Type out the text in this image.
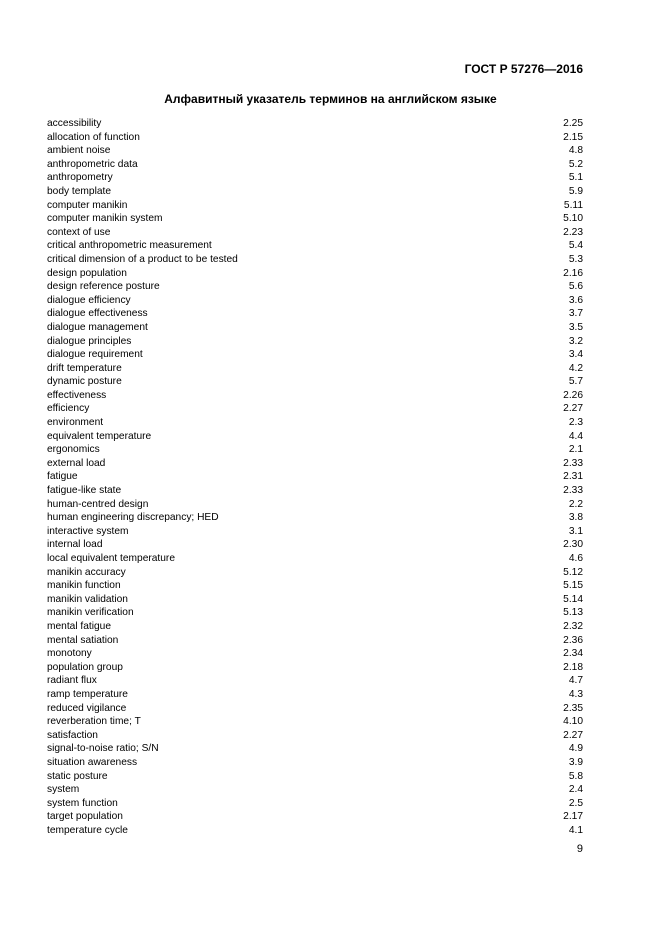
ГОСТ Р 57276—2016
Алфавитный указатель терминов на английском языке
accessibility	2.25
allocation of function	2.15
ambient noise	4.8
anthropometric data	5.2
anthropometry	5.1
body template	5.9
computer manikin	5.11
computer manikin system	5.10
context of use	2.23
critical anthropometric measurement	5.4
critical dimension of a product to be tested	5.3
design population	2.16
design reference posture	5.6
dialogue efficiency	3.6
dialogue effectiveness	3.7
dialogue management	3.5
dialogue principles	3.2
dialogue requirement	3.4
drift temperature	4.2
dynamic posture	5.7
effectiveness	2.26
efficiency	2.27
environment	2.3
equivalent temperature	4.4
ergonomics	2.1
external load	2.33
fatigue	2.31
fatigue-like state	2.33
human-centred design	2.2
human engineering discrepancy; HED	3.8
interactive system	3.1
internal load	2.30
local equivalent temperature	4.6
manikin accuracy	5.12
manikin function	5.15
manikin validation	5.14
manikin verification	5.13
mental fatigue	2.32
mental satiation	2.36
monotony	2.34
population group	2.18
radiant flux	4.7
ramp temperature	4.3
reduced vigilance	2.35
reverberation time; T	4.10
satisfaction	2.27
signal-to-noise ratio; S/N	4.9
situation awareness	3.9
static posture	5.8
system	2.4
system function	2.5
target population	2.17
temperature cycle	4.1
9
